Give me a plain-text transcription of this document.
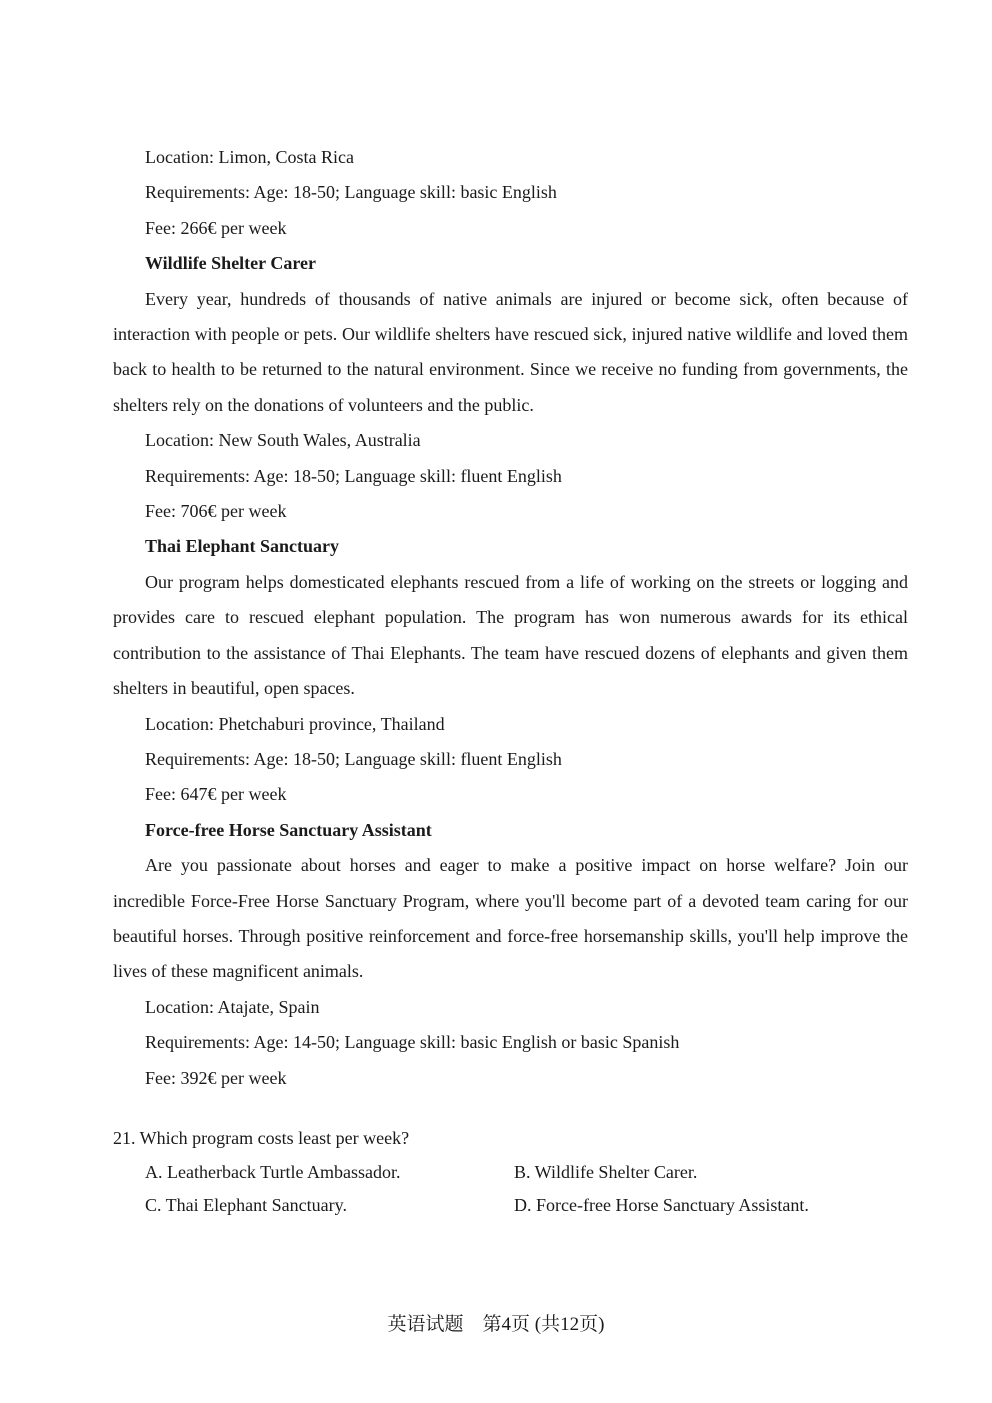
Location: Limon, Costa Rica

Requirements: Age: 18-50; Language skill: basic English

Fee: 266€ per week

Wildlife Shelter Carer

Every year, hundreds of thousands of native animals are injured or become sick, often because of interaction with people or pets. Our wildlife shelters have rescued sick, injured native wildlife and loved them back to health to be returned to the natural environment. Since we receive no funding from governments, the shelters rely on the donations of volunteers and the public.

Location: New South Wales, Australia

Requirements: Age: 18-50; Language skill: fluent English

Fee: 706€ per week

Thai Elephant Sanctuary

Our program helps domesticated elephants rescued from a life of working on the streets or logging and provides care to rescued elephant population. The program has won numerous awards for its ethical contribution to the assistance of Thai Elephants. The team have rescued dozens of elephants and given them shelters in beautiful, open spaces.

Location: Phetchaburi province, Thailand

Requirements: Age: 18-50; Language skill: fluent English

Fee: 647€ per week

Force-free Horse Sanctuary Assistant

Are you passionate about horses and eager to make a positive impact on horse welfare? Join our incredible Force-Free Horse Sanctuary Program, where you'll become part of a devoted team caring for our beautiful horses. Through positive reinforcement and force-free horsemanship skills, you'll help improve the lives of these magnificent animals.

Location: Atajate, Spain

Requirements: Age: 14-50; Language skill: basic English or basic Spanish

Fee: 392€ per week

21. Which program costs least per week?

A. Leatherback Turtle Ambassador.	B. Wildlife Shelter Carer.
C. Thai Elephant Sanctuary.	D. Force-free Horse Sanctuary Assistant.
英语试题　第4页 (共12页)
